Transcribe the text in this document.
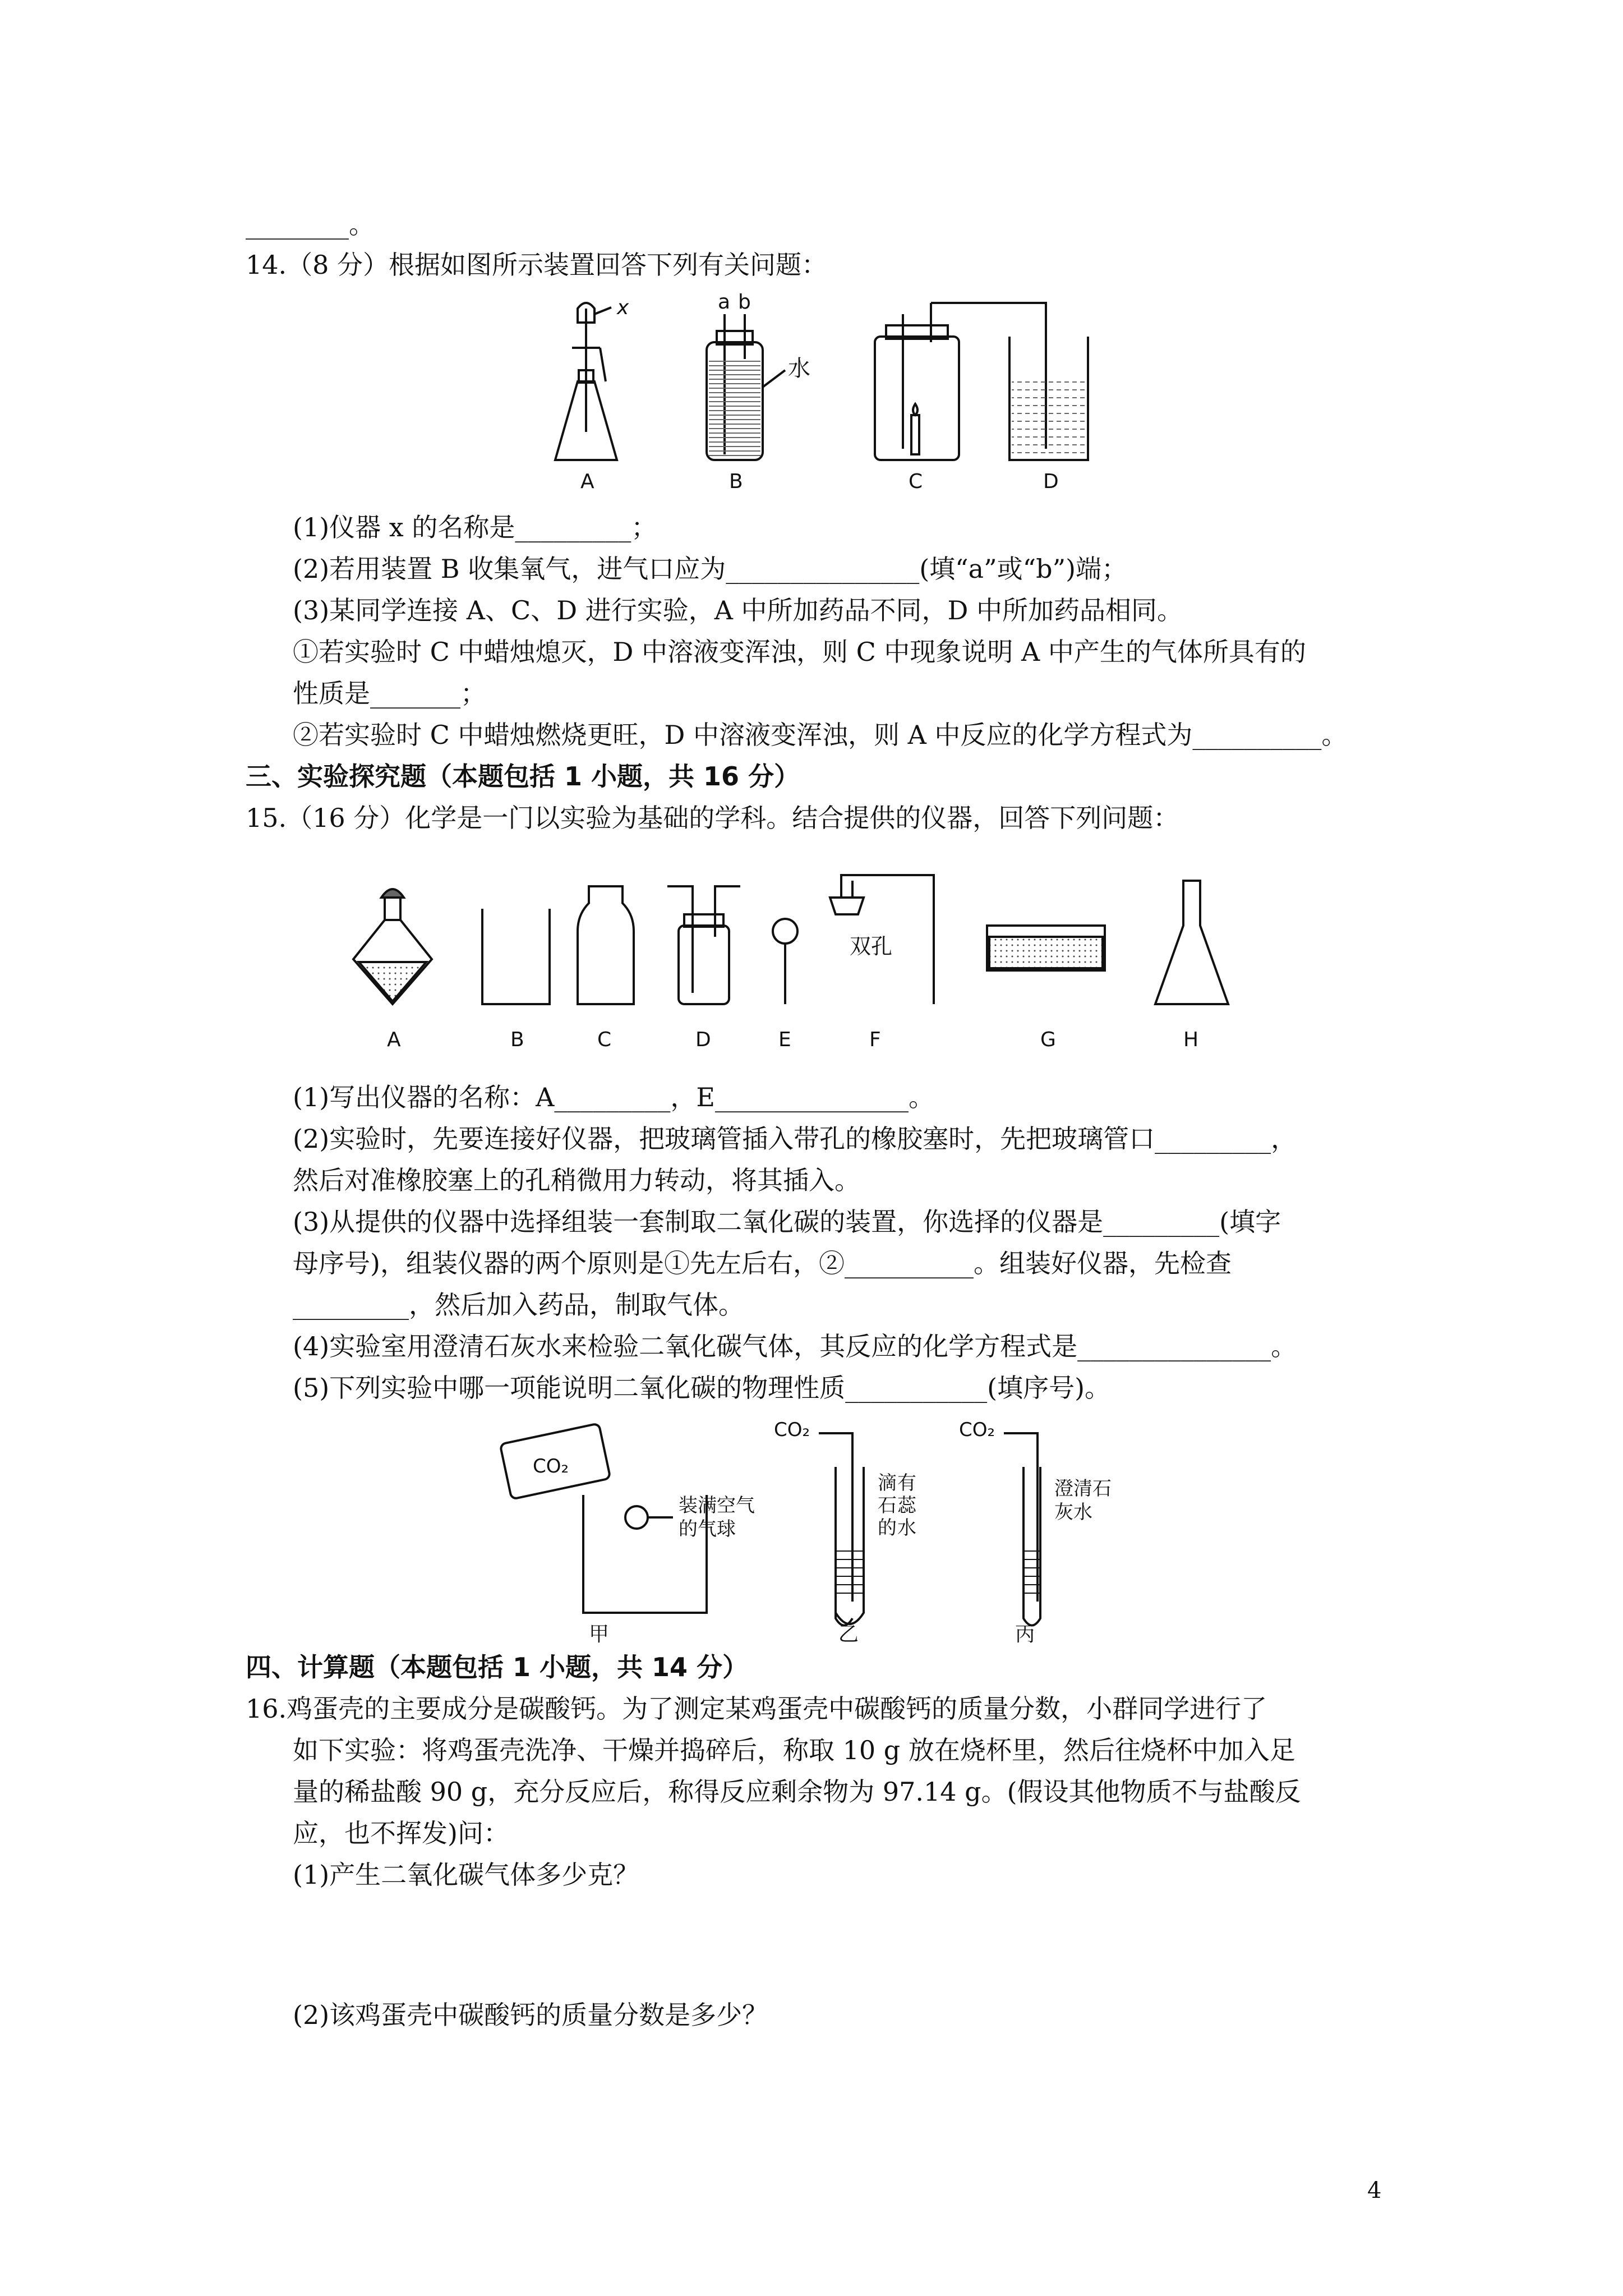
________。
14.（8 分）根据如图所示装置回答下列有关问题：
x	a b
水
A	B	C	D
(1)仪器 x 的名称是_________；
(2)若用装置 B 收集氧气，进气口应为_______________(填“a”或“b”)端；
(3)某同学连接 A、C、D 进行实验，A 中所加药品不同，D 中所加药品相同。
①若实验时 C 中蜡烛熄灭，D 中溶液变浑浊，则 C 中现象说明 A 中产生的气体所具有的
性质是_______；
②若实验时 C 中蜡烛燃烧更旺，D 中溶液变浑浊，则 A 中反应的化学方程式为__________。
三、实验探究题（本题包括 1 小题，共 16 分）
15.（16 分）化学是一门以实验为基础的学科。结合提供的仪器，回答下列问题：
双孔
A	B	C	D	E	F	G	H
(1)写出仪器的名称：A_________，E_______________。
(2)实验时，先要连接好仪器，把玻璃管插入带孔的橡胶塞时，先把玻璃管口_________，
然后对准橡胶塞上的孔稍微用力转动，将其插入。
(3)从提供的仪器中选择组装一套制取二氧化碳的装置，你选择的仪器是_________(填字
母序号)，组装仪器的两个原则是①先左后右，②__________。组装好仪器，先检查
_________，然后加入药品，制取气体。
(4)实验室用澄清石灰水来检验二氧化碳气体，其反应的化学方程式是_______________。
(5)下列实验中哪一项能说明二氧化碳的物理性质___________(填序号)。
CO₂
装满空气
的气球
CO₂	CO₂
滴 有
石 蕊
的 水
澄清石
灰水
甲	乙	丙
四、计算题（本题包括 1 小题，共 14 分）
16.鸡蛋壳的主要成分是碳酸钙。为了测定某鸡蛋壳中碳酸钙的质量分数，小群同学进行了
如下实验：将鸡蛋壳洗净、干燥并捣碎后，称取 10 g 放在烧杯里，然后往烧杯中加入足
量的稀盐酸 90 g，充分反应后，称得反应剩余物为 97.14 g。(假设其他物质不与盐酸反
应，也不挥发)问：
(1)产生二氧化碳气体多少克？
(2)该鸡蛋壳中碳酸钙的质量分数是多少？
4
